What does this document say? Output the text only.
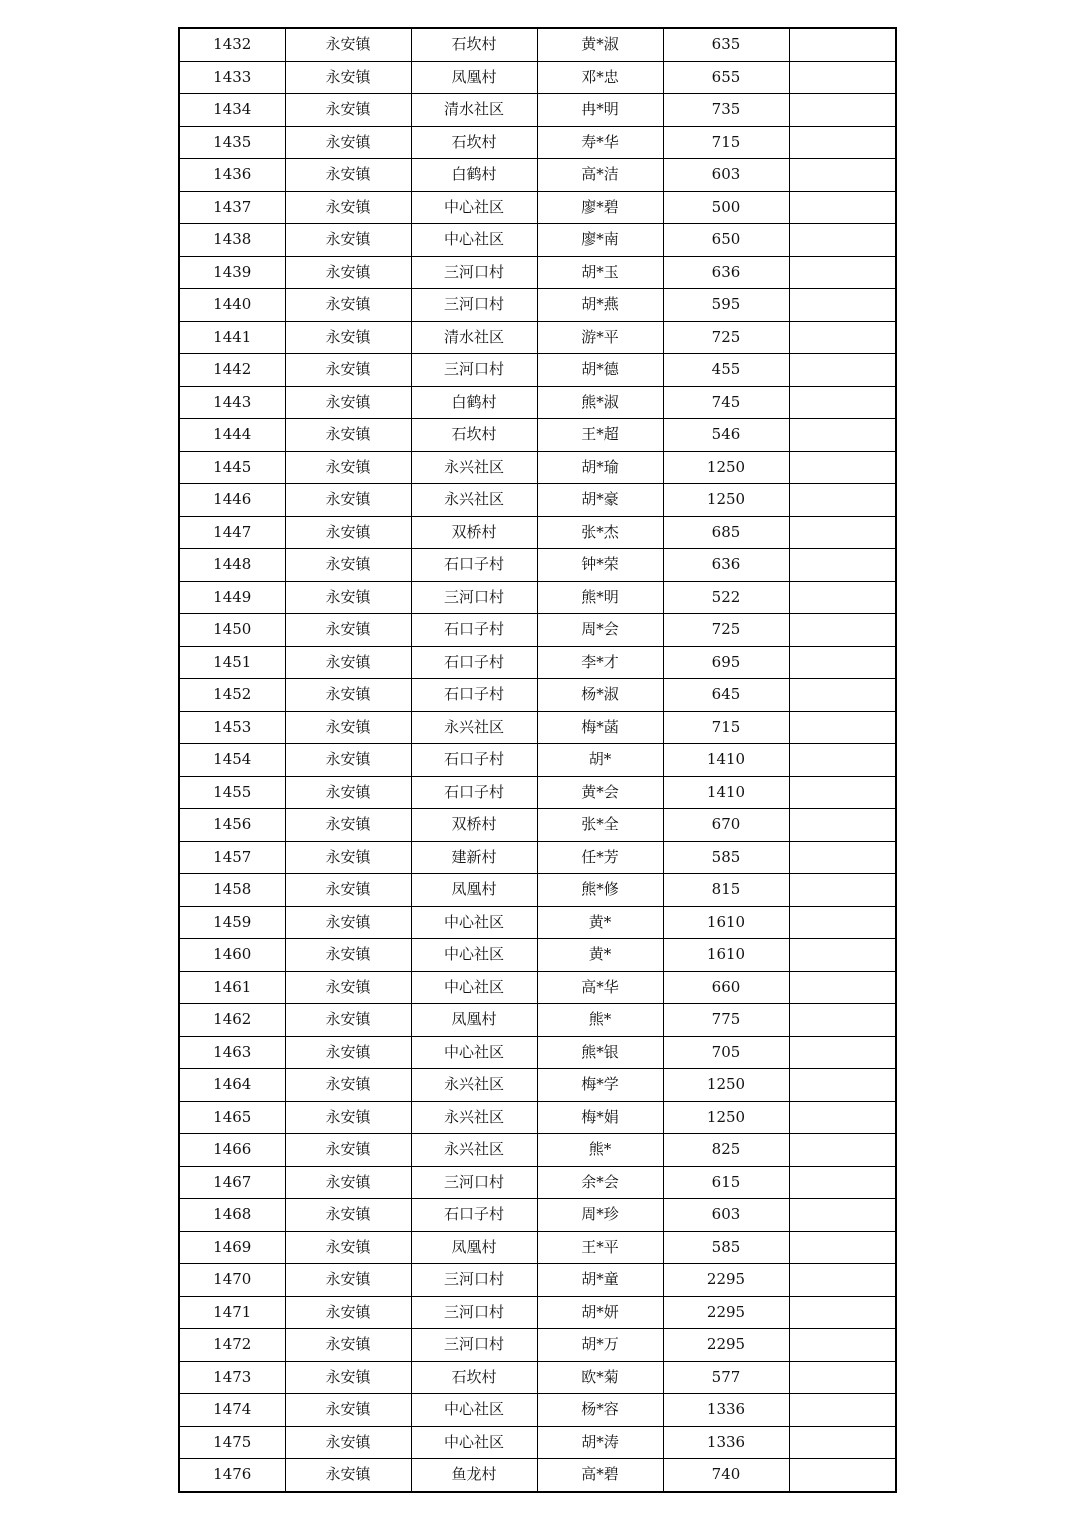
1432	永安镇	石坎村	黄*淑	635	
1433	永安镇	凤凰村	邓*忠	655	
1434	永安镇	清水社区	冉*明	735	
1435	永安镇	石坎村	寿*华	715	
1436	永安镇	白鹤村	高*洁	603	
1437	永安镇	中心社区	廖*碧	500	
1438	永安镇	中心社区	廖*南	650	
1439	永安镇	三河口村	胡*玉	636	
1440	永安镇	三河口村	胡*燕	595	
1441	永安镇	清水社区	游*平	725	
1442	永安镇	三河口村	胡*德	455	
1443	永安镇	白鹤村	熊*淑	745	
1444	永安镇	石坎村	王*超	546	
1445	永安镇	永兴社区	胡*瑜	1250	
1446	永安镇	永兴社区	胡*豪	1250	
1447	永安镇	双桥村	张*杰	685	
1448	永安镇	石口子村	钟*荣	636	
1449	永安镇	三河口村	熊*明	522	
1450	永安镇	石口子村	周*会	725	
1451	永安镇	石口子村	李*才	695	
1452	永安镇	石口子村	杨*淑	645	
1453	永安镇	永兴社区	梅*菡	715	
1454	永安镇	石口子村	胡*	1410	
1455	永安镇	石口子村	黄*会	1410	
1456	永安镇	双桥村	张*全	670	
1457	永安镇	建新村	任*芳	585	
1458	永安镇	凤凰村	熊*修	815	
1459	永安镇	中心社区	黄*	1610	
1460	永安镇	中心社区	黄*	1610	
1461	永安镇	中心社区	高*华	660	
1462	永安镇	凤凰村	熊*	775	
1463	永安镇	中心社区	熊*银	705	
1464	永安镇	永兴社区	梅*学	1250	
1465	永安镇	永兴社区	梅*娟	1250	
1466	永安镇	永兴社区	熊*	825	
1467	永安镇	三河口村	余*会	615	
1468	永安镇	石口子村	周*珍	603	
1469	永安镇	凤凰村	王*平	585	
1470	永安镇	三河口村	胡*童	2295	
1471	永安镇	三河口村	胡*妍	2295	
1472	永安镇	三河口村	胡*万	2295	
1473	永安镇	石坎村	欧*菊	577	
1474	永安镇	中心社区	杨*容	1336	
1475	永安镇	中心社区	胡*涛	1336	
1476	永安镇	鱼龙村	高*碧	740	
